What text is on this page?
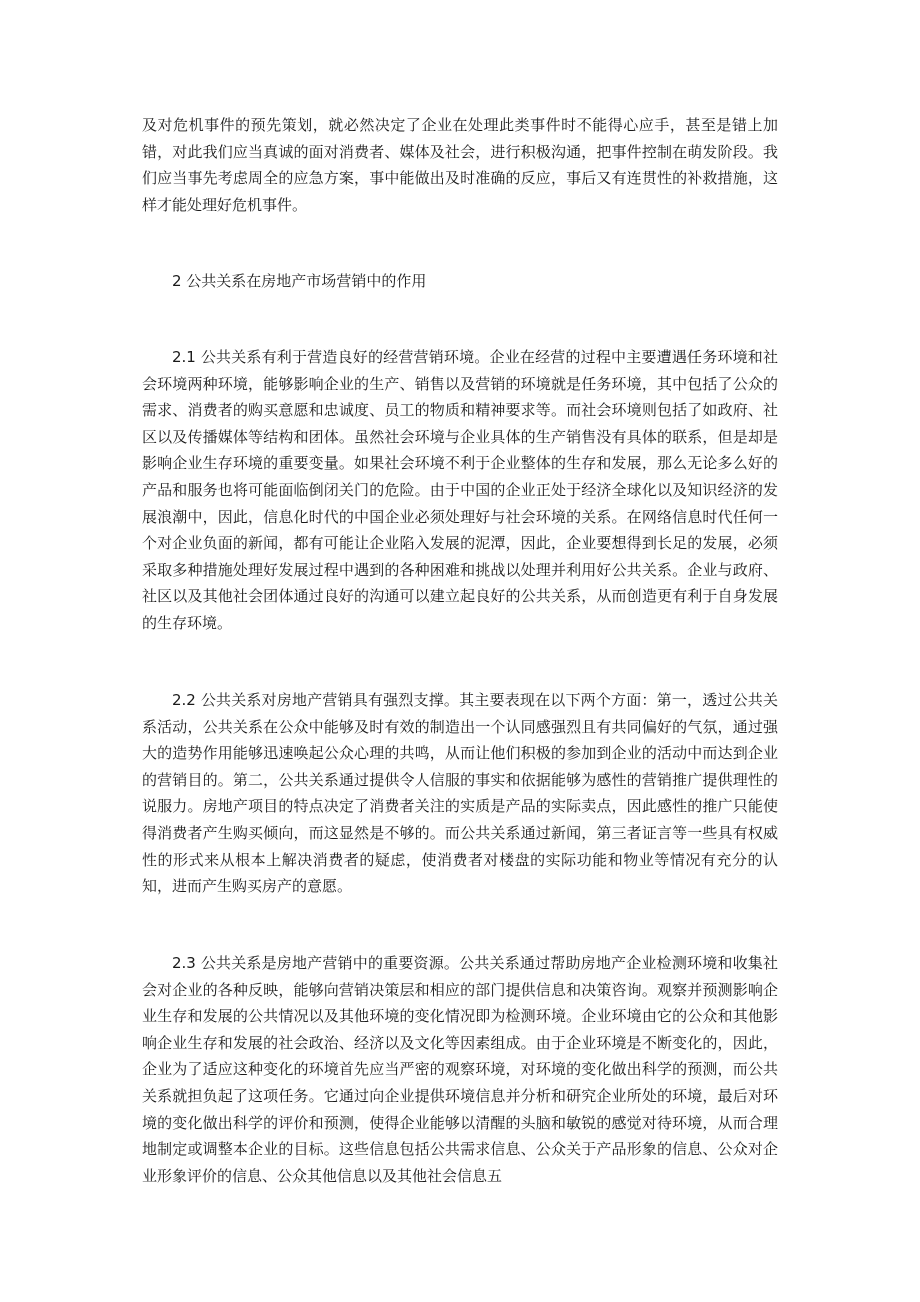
及对危机事件的预先策划，就必然决定了企业在处理此类事件时不能得心应手，甚至是错上加错，对此我们应当真诚的面对消费者、媒体及社会，进行积极沟通，把事件控制在萌发阶段。我们应当事先考虑周全的应急方案，事中能做出及时准确的反应，事后又有连贯性的补救措施，这样才能处理好危机事件。

2 公共关系在房地产市场营销中的作用

2.1 公共关系有利于营造良好的经营营销环境。企业在经营的过程中主要遭遇任务环境和社会环境两种环境，能够影响企业的生产、销售以及营销的环境就是任务环境，其中包括了公众的需求、消费者的购买意愿和忠诚度、员工的物质和精神要求等。而社会环境则包括了如政府、社区以及传播媒体等结构和团体。虽然社会环境与企业具体的生产销售没有具体的联系，但是却是影响企业生存环境的重要变量。如果社会环境不利于企业整体的生存和发展，那么无论多么好的产品和服务也将可能面临倒闭关门的危险。由于中国的企业正处于经济全球化以及知识经济的发展浪潮中，因此，信息化时代的中国企业必须处理好与社会环境的关系。在网络信息时代任何一个对企业负面的新闻，都有可能让企业陷入发展的泥潭，因此，企业要想得到长足的发展，必须采取多种措施处理好发展过程中遇到的各种困难和挑战以处理并利用好公共关系。企业与政府、社区以及其他社会团体通过良好的沟通可以建立起良好的公共关系，从而创造更有利于自身发展的生存环境。

2.2 公共关系对房地产营销具有强烈支撑。其主要表现在以下两个方面：第一，透过公共关系活动，公共关系在公众中能够及时有效的制造出一个认同感强烈且有共同偏好的气氛，通过强大的造势作用能够迅速唤起公众心理的共鸣，从而让他们积极的参加到企业的活动中而达到企业的营销目的。第二，公共关系通过提供令人信服的事实和依据能够为感性的营销推广提供理性的说服力。房地产项目的特点决定了消费者关注的实质是产品的实际卖点，因此感性的推广只能使得消费者产生购买倾向，而这显然是不够的。而公共关系通过新闻，第三者证言等一些具有权威性的形式来从根本上解决消费者的疑虑，使消费者对楼盘的实际功能和物业等情况有充分的认知，进而产生购买房产的意愿。

2.3 公共关系是房地产营销中的重要资源。公共关系通过帮助房地产企业检测环境和收集社会对企业的各种反映，能够向营销决策层和相应的部门提供信息和决策咨询。观察并预测影响企业生存和发展的公共情况以及其他环境的变化情况即为检测环境。企业环境由它的公众和其他影响企业生存和发展的社会政治、经济以及文化等因素组成。由于企业环境是不断变化的，因此，企业为了适应这种变化的环境首先应当严密的观察环境，对环境的变化做出科学的预测，而公共关系就担负起了这项任务。它通过向企业提供环境信息并分析和研究企业所处的环境，最后对环境的变化做出科学的评价和预测，使得企业能够以清醒的头脑和敏锐的感觉对待环境，从而合理地制定或调整本企业的目标。这些信息包括公共需求信息、公众关于产品形象的信息、公众对企业形象评价的信息、公众其他信息以及其他社会信息五
